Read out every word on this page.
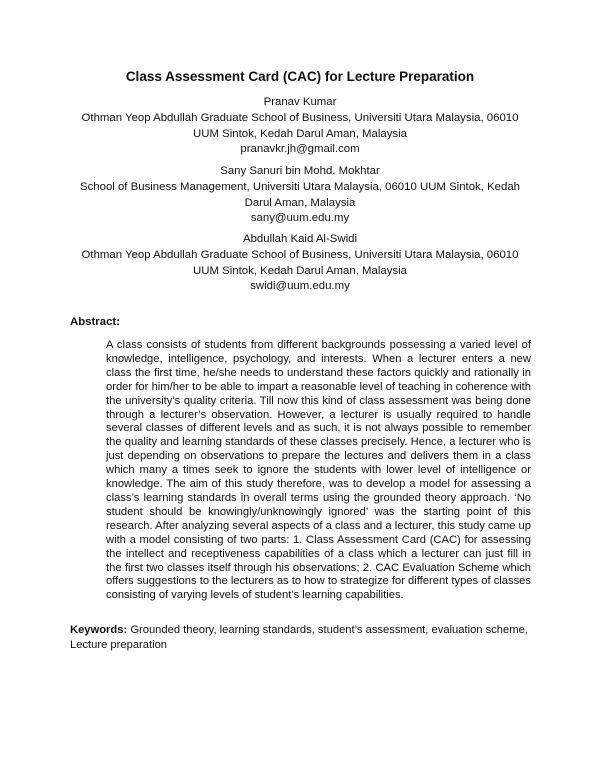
Class Assessment Card (CAC) for Lecture Preparation
Pranav Kumar
Othman Yeop Abdullah Graduate School of Business, Universiti Utara Malaysia, 06010
UUM Sintok, Kedah Darul Aman, Malaysia
pranavkr.jh@gmail.com
Sany Sanuri bin Mohd. Mokhtar
School of Business Management, Universiti Utara Malaysia, 06010 UUM Sintok, Kedah
Darul Aman, Malaysia
sany@uum.edu.my
Abdullah Kaid Al-Swidi
Othman Yeop Abdullah Graduate School of Business, Universiti Utara Malaysia, 06010
UUM Sintok, Kedah Darul Aman, Malaysia
swidi@uum.edu.my
Abstract:
A class consists of students from different backgrounds possessing a varied level of knowledge, intelligence, psychology, and interests. When a lecturer enters a new class the first time, he/she needs to understand these factors quickly and rationally in order for him/her to be able to impart a reasonable level of teaching in coherence with the university’s quality criteria. Till now this kind of class assessment was being done through a lecturer’s observation. However, a lecturer is usually required to handle several classes of different levels and as such, it is not always possible to remember the quality and learning standards of these classes precisely. Hence, a lecturer who is just depending on observations to prepare the lectures and delivers them in a class which many a times seek to ignore the students with lower level of intelligence or knowledge. The aim of this study therefore, was to develop a model for assessing a class’s learning standards in overall terms using the grounded theory approach. ‘No student should be knowingly/unknowingly ignored’ was the starting point of this research. After analyzing several aspects of a class and a lecturer, this study came up with a model consisting of two parts: 1. Class Assessment Card (CAC) for assessing the intellect and receptiveness capabilities of a class which a lecturer can just fill in the first two classes itself through his observations; 2. CAC Evaluation Scheme which offers suggestions to the lecturers as to how to strategize for different types of classes consisting of varying levels of student’s learning capabilities.
Keywords: Grounded theory, learning standards, student’s assessment, evaluation scheme, Lecture preparation
